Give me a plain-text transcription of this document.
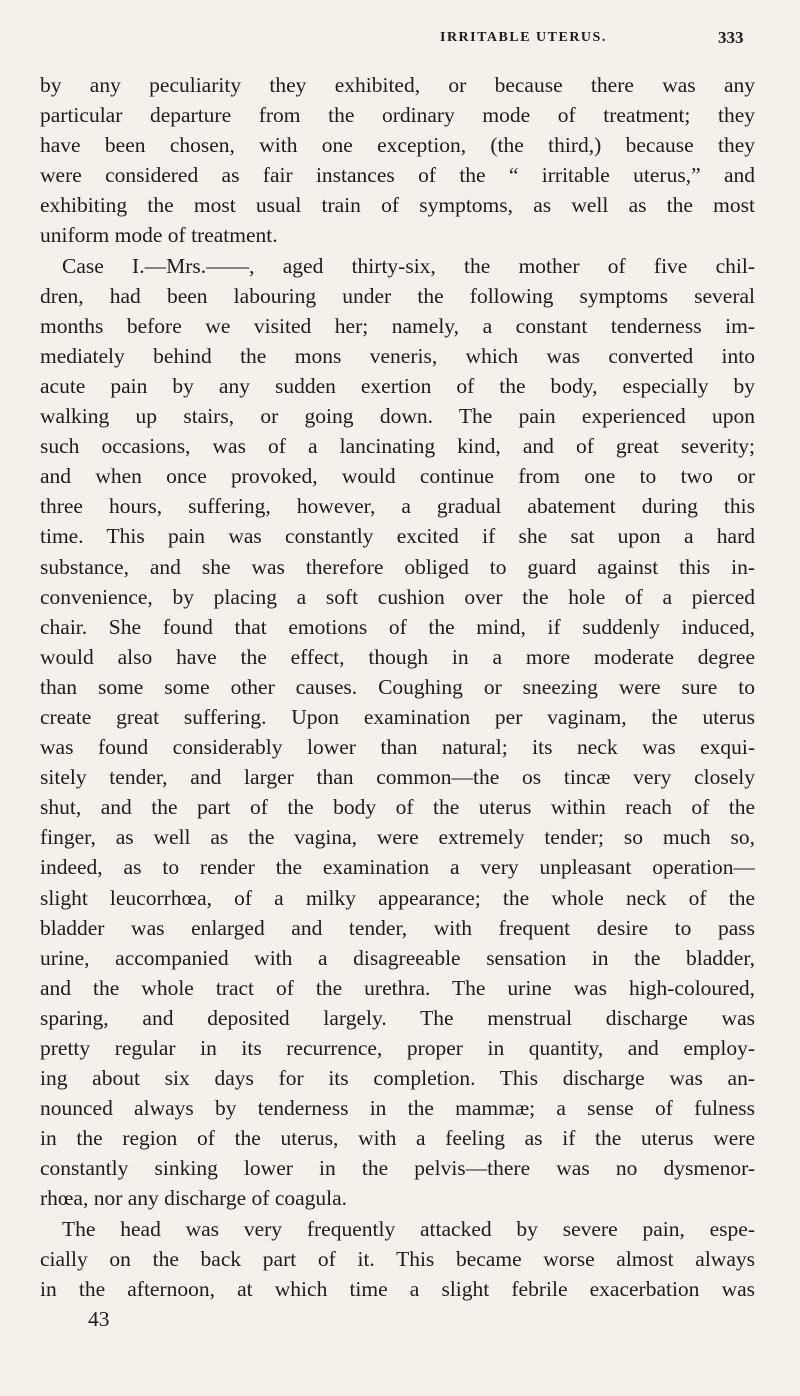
IRRITABLE UTERUS.	333
by any peculiarity they exhibited, or because there was any
particular departure from the ordinary mode of treatment; they
have been chosen, with one exception, (the third,) because they
were considered as fair instances of the “ irritable uterus,” and
exhibiting the most usual train of symptoms, as well as the most
uniform mode of treatment.
Case I.—Mrs.——, aged thirty-six, the mother of five chil-
dren, had been labouring under the following symptoms several
months before we visited her; namely, a constant tenderness im-
mediately behind the mons veneris, which was converted into
acute pain by any sudden exertion of the body, especially by
walking up stairs, or going down. The pain experienced upon
such occasions, was of a lancinating kind, and of great severity;
and when once provoked, would continue from one to two or
three hours, suffering, however, a gradual abatement during this
time. This pain was constantly excited if she sat upon a hard
substance, and she was therefore obliged to guard against this in-
convenience, by placing a soft cushion over the hole of a pierced
chair. She found that emotions of the mind, if suddenly induced,
would also have the effect, though in a more moderate degree
than some some other causes. Coughing or sneezing were sure to
create great suffering. Upon examination per vaginam, the uterus
was found considerably lower than natural; its neck was exqui-
sitely tender, and larger than common—the os tincæ very closely
shut, and the part of the body of the uterus within reach of the
finger, as well as the vagina, were extremely tender; so much so,
indeed, as to render the examination a very unpleasant operation—
slight leucorrhœa, of a milky appearance; the whole neck of the
bladder was enlarged and tender, with frequent desire to pass
urine, accompanied with a disagreeable sensation in the bladder,
and the whole tract of the urethra. The urine was high-coloured,
sparing, and deposited largely. The menstrual discharge was
pretty regular in its recurrence, proper in quantity, and employ-
ing about six days for its completion. This discharge was an-
nounced always by tenderness in the mammæ; a sense of fulness
in the region of the uterus, with a feeling as if the uterus were
constantly sinking lower in the pelvis—there was no dysmenor-
rhœa, nor any discharge of coagula.
The head was very frequently attacked by severe pain, espe-
cially on the back part of it. This became worse almost always
in the afternoon, at which time a slight febrile exacerbation was
43
